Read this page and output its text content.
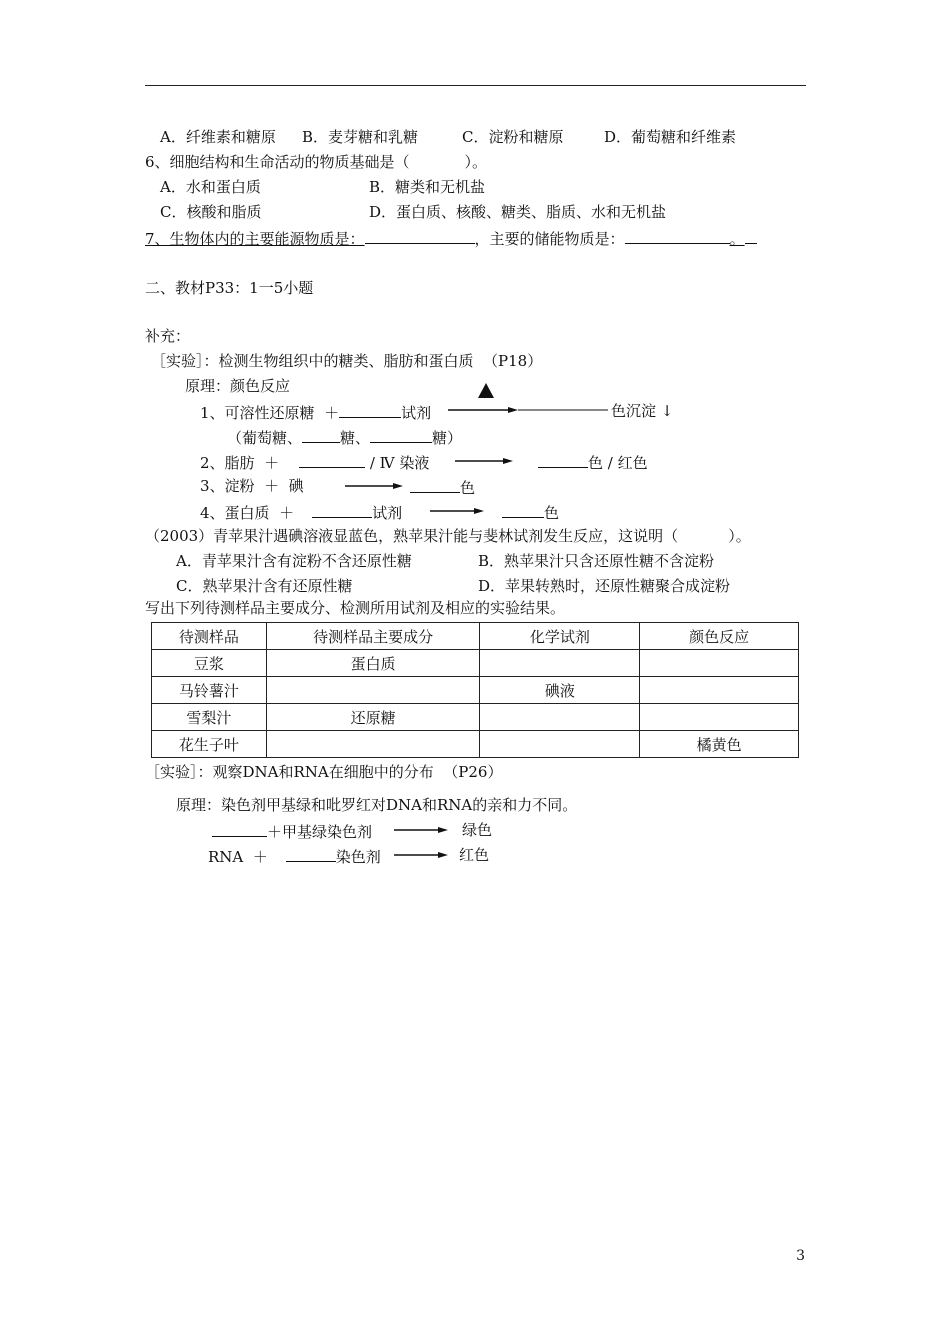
A．纤维素和糖原 B．麦芽糖和乳糖	C．淀粉和糖原	D．葡萄糖和纤维素
6、细胞结构和生命活动的物质基础是（	）。
A．水和蛋白质	B．糖类和无机盐
C．核酸和脂质	D．蛋白质、核酸、糖类、脂质、水和无机盐
7、生物体内的主要能源物质是：	，主要的储能物质是：	。
二、教材P33：1一5小题
补充：
［实验］：检测生物组织中的糖类、脂肪和蛋白质  （P18）
原理：颜色反应
1、可溶性还原糖  ＋	试剂	色沉淀 ↓
（葡萄糖、	糖、	糖）
2、脂肪  ＋	/ Ⅳ 染液	色 / 红色
3、淀粉  ＋  碘	色
4、蛋白质  ＋	试剂	色
（2003）青苹果汁遇碘溶液显蓝色，熟苹果汁能与斐林试剂发生反应，这说明（	）。
A．青苹果汁含有淀粉不含还原性糖	B．熟苹果汁只含还原性糖不含淀粉
C．熟苹果汁含有还原性糖	D．苹果转熟时，还原性糖聚合成淀粉
写出下列待测样品主要成分、检测所用试剂及相应的实验结果。
待测样品	待测样品主要成分	化学试剂	颜色反应
豆浆	蛋白质		
马铃薯汁		碘液	
雪梨汁	还原糖		
花生子叶			橘黄色
［实验］：观察DNA和RNA在细胞中的分布  （P26）
原理：染色剂甲基绿和吡罗红对DNA和RNA的亲和力不同。
＋甲基绿染色剂	绿色
RNA  ＋	染色剂	红色
3
